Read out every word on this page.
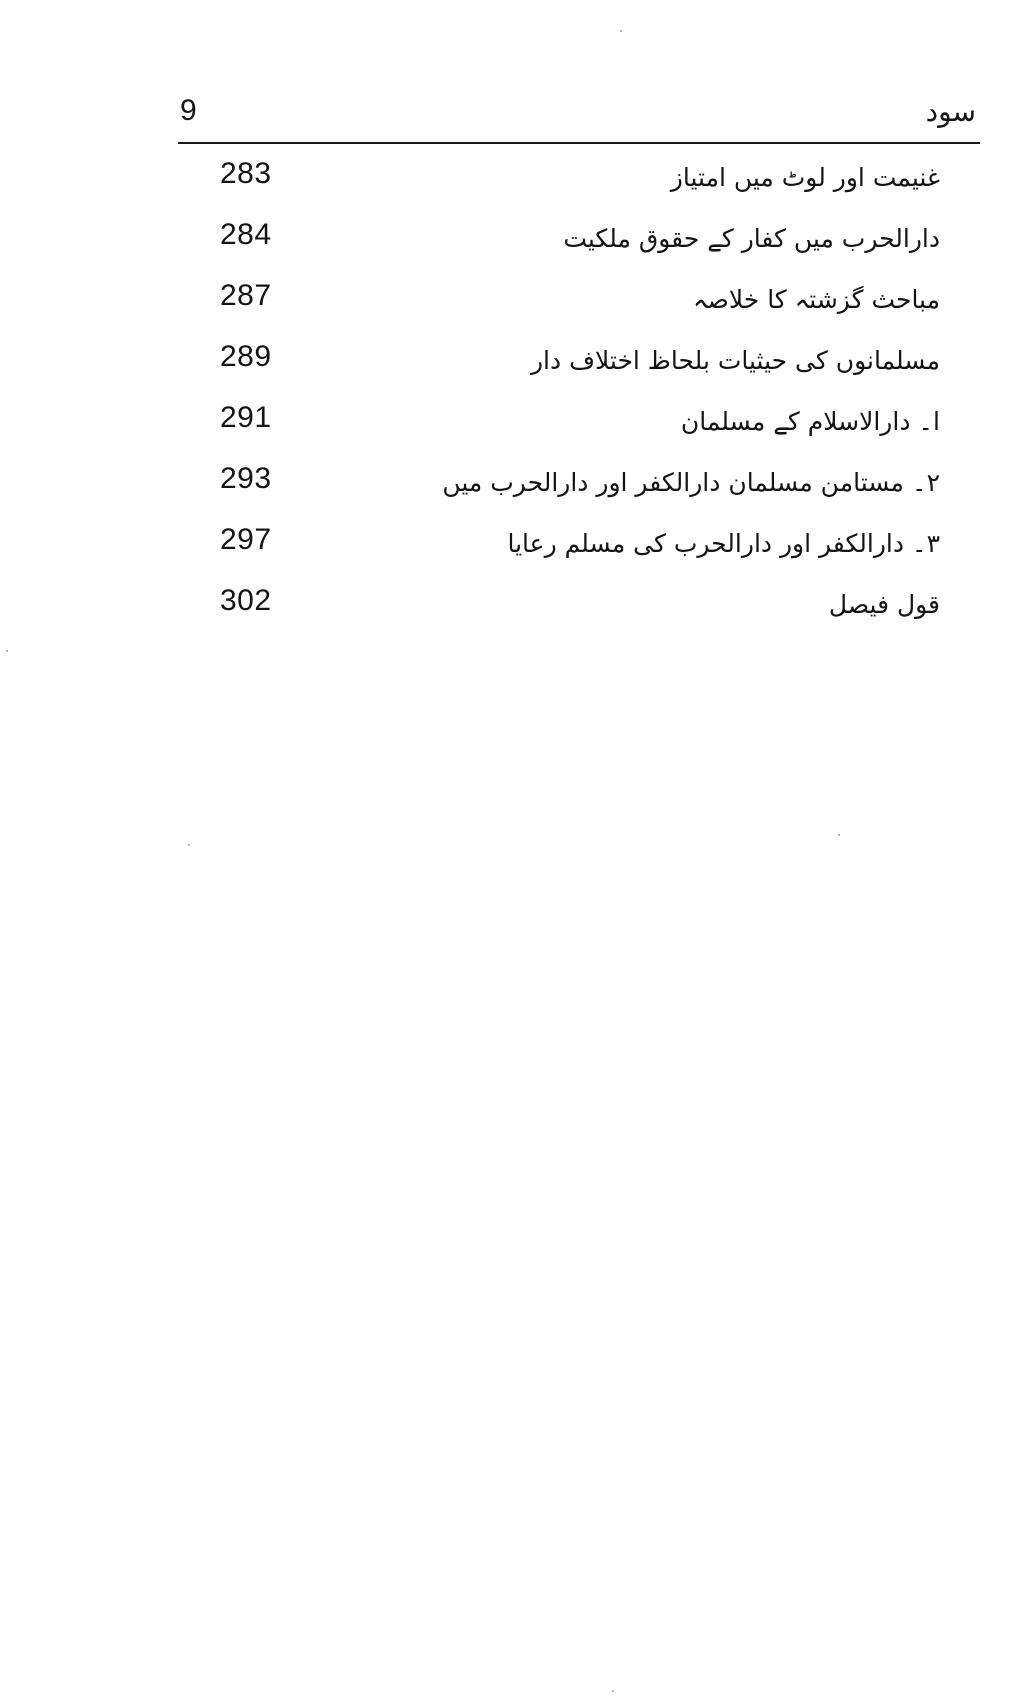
9	سود
283	غنیمت اور لوٹ میں امتیاز
284	دارالحرب میں کفار کے حقوق ملکیت
287	مباحث گزشتہ کا خلاصہ
289	مسلمانوں کی حیثیات بلحاظ اختلاف دار
291	ا۔ دارالاسلام کے مسلمان
293	۲۔ مستامن مسلمان دارالکفر اور دارالحرب میں
297	۳۔ دارالکفر اور دارالحرب کی مسلم رعایا
302	قول فیصل
